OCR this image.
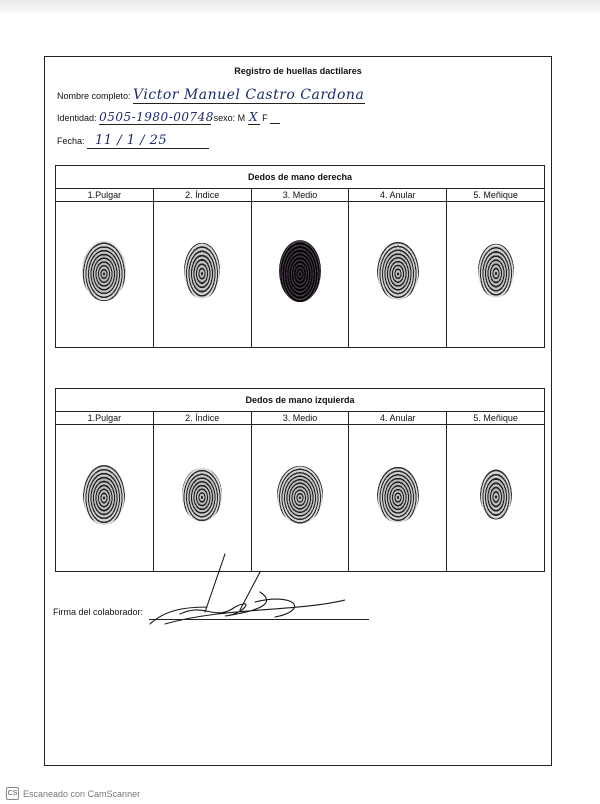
Registro de huellas dactilares
Nombre completo: Victor Manuel Castro Cardona
Identidad: 0505-1980-00748 sexo: M X F
Fecha: 11 / 1 / 25
Dedos de mano derecha
1.Pulgar	2. Índice	3. Medio	4. Anular	5. Meñique
Dedos de mano izquierda
1.Pulgar	2. Índice	3. Medio	4. Anular	5. Meñique
Firma del colaborador:
CS Escaneado con CamScanner
